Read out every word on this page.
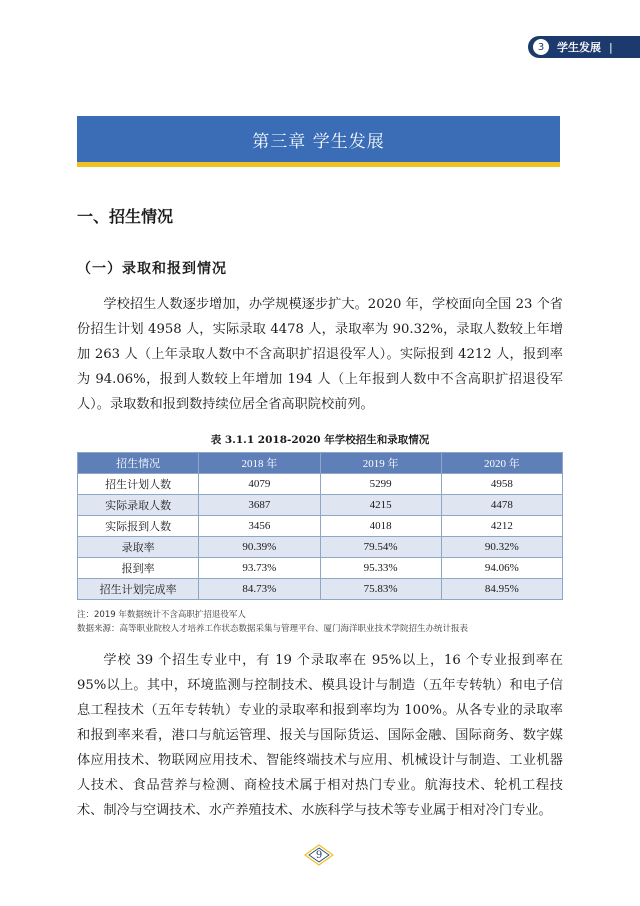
3	学生发展 |
第三章 学生发展
一、招生情况
（一）录取和报到情况

学校招生人数逐步增加，办学规模逐步扩大。2020 年，学校面向全国 23 个省份招生计划 4958 人，实际录取 4478 人，录取率为 90.32%，录取人数较上年增加 263 人（上年录取人数中不含高职扩招退役军人）。实际报到 4212 人，报到率为 94.06%，报到人数较上年增加 194 人（上年报到人数中不含高职扩招退役军人）。录取数和报到数持续位居全省高职院校前列。

表 3.1.1 2018-2020 年学校招生和录取情况
招生情况	2018 年	2019 年	2020 年
招生计划人数	4079	5299	4958
实际录取人数	3687	4215	4478
实际报到人数	3456	4018	4212
录取率	90.39%	79.54%	90.32%
报到率	93.73%	95.33%	94.06%
招生计划完成率	84.73%	75.83%	84.95%
注：2019 年数据统计不含高职扩招退役军人
数据来源：高等职业院校人才培养工作状态数据采集与管理平台、厦门海洋职业技术学院招生办统计报表

学校 39 个招生专业中，有 19 个录取率在 95%以上，16 个专业报到率在 95%以上。其中，环境监测与控制技术、模具设计与制造（五年专转轨）和电子信息工程技术（五年专转轨）专业的录取率和报到率均为 100%。从各专业的录取率和报到率来看，港口与航运管理、报关与国际货运、国际金融、国际商务、数字媒体应用技术、物联网应用技术、智能终端技术与应用、机械设计与制造、工业机器人技术、食品营养与检测、商检技术属于相对热门专业。航海技术、轮机工程技术、制冷与空调技术、水产养殖技术、水族科学与技术等专业属于相对冷门专业。

9
